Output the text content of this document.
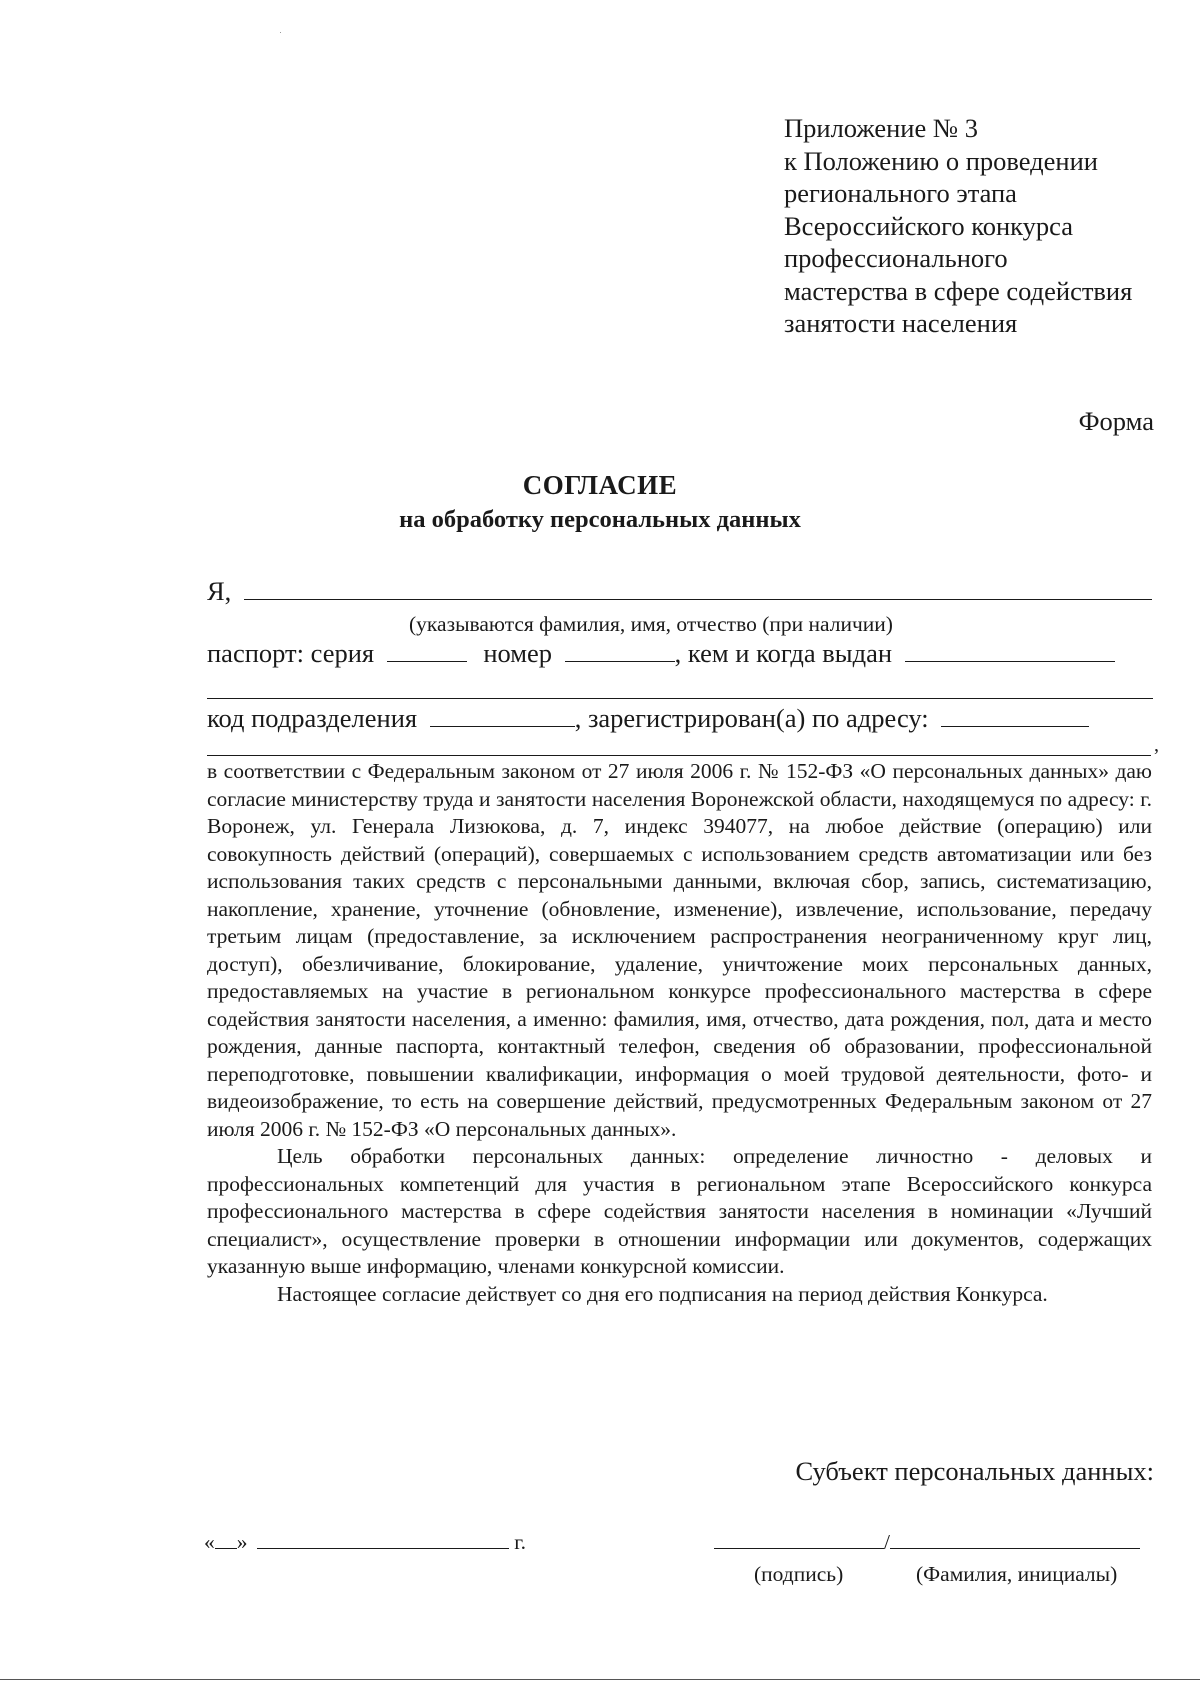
Приложение № 3
к Положению о проведении
регионального этапа
Всероссийского конкурса
профессионального
мастерства в сфере содействия
занятости населения
Форма
СОГЛАСИЕ
на обработку персональных данных
Я,
(указываются фамилия, имя, отчество (при наличии)
паспорт: серия	номер	, кем и когда выдан
код подразделения	, зарегистрирован(а) по адресу:
,

в соответствии с Федеральным законом от 27 июля 2006 г. № 152-ФЗ «О персональных данных» даю согласие министерству труда и занятости населения Воронежской области, находящемуся по адресу: г. Воронеж, ул. Генерала Лизюкова, д. 7, индекс 394077, на любое действие (операцию) или совокупность действий (операций), совершаемых с использованием средств автоматизации или без использования таких средств с персональными данными, включая сбор, запись, систематизацию, накопление, хранение, уточнение (обновление, изменение), извлечение, использование, передачу третьим лицам (предоставление, за исключением распространения неограниченному круг лиц, доступ), обезличивание, блокирование, удаление, уничтожение моих персональных данных, предоставляемых на участие в региональном конкурсе профессионального мастерства в сфере содействия занятости населения, а именно: фамилия, имя, отчество, дата рождения, пол, дата и место рождения, данные паспорта, контактный телефон, сведения об образовании, профессиональной переподготовке, повышении квалификации, информация о моей трудовой деятельности, фото- и видеоизображение, то есть на совершение действий, предусмотренных Федеральным законом от 27 июля 2006 г. № 152-ФЗ «О персональных данных».

Цель обработки персональных данных: определение личностно - деловых и профессиональных компетенций для участия в региональном этапе Всероссийского конкурса профессионального мастерства в сфере содействия занятости населения в номинации «Лучший специалист», осуществление проверки в отношении информации или документов, содержащих указанную выше информацию, членами конкурсной комиссии.

Настоящее согласие действует со дня его подписания на период действия Конкурса.

Субъект персональных данных:
« »	г.	/
(подпись)	(Фамилия, инициалы)
